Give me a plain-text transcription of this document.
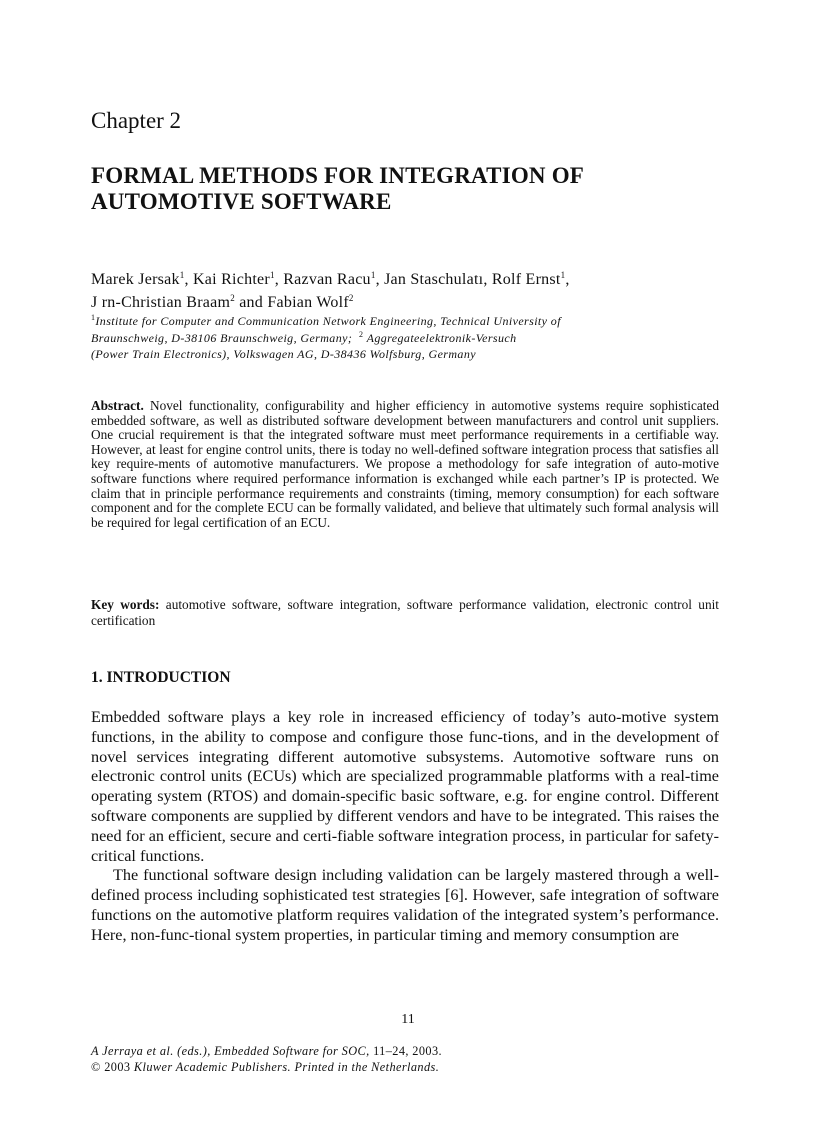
Chapter 2
FORMAL METHODS FOR INTEGRATION OF
AUTOMOTIVE SOFTWARE
Marek Jersak$^1$, Kai Richter$^1$, Razvan Racu$^1$, Jan Staschulatı, Rolf Ernst$^1$,
J rn-Christian Braam$^2$ and Fabian Wolf$^2$
$^1$Institute for Computer and Communication Network Engineering, Technical University of
Braunschweig, D-38106 Braunschweig, Germany; $^2$ Aggregateelektronik-Versuch
(Power Train Electronics), Volkswagen AG, D-38436 Wolfsburg, Germany
Abstract. Novel functionality, configurability and higher efficiency in automotive systems require sophisticated embedded software, as well as distributed software development between manufacturers and control unit suppliers. One crucial requirement is that the integrated software must meet performance requirements in a certifiable way. However, at least for engine control units, there is today no well-defined software integration process that satisfies all key require-ments of automotive manufacturers. We propose a methodology for safe integration of auto-motive software functions where required performance information is exchanged while each partner’s IP is protected. We claim that in principle performance requirements and constraints (timing, memory consumption) for each software component and for the complete ECU can be formally validated, and believe that ultimately such formal analysis will be required for legal certification of an ECU.
Key words: automotive software, software integration, software performance validation, electronic control unit certification
1. INTRODUCTION

Embedded software plays a key role in increased efficiency of today’s auto-motive system functions, in the ability to compose and configure those func-tions, and in the development of novel services integrating different automotive subsystems. Automotive software runs on electronic control units (ECUs) which are specialized programmable platforms with a real-time operating system (RTOS) and domain-specific basic software, e.g. for engine control. Different software components are supplied by different vendors and have to be integrated. This raises the need for an efficient, secure and certi-fiable software integration process, in particular for safety-critical functions.

The functional software design including validation can be largely mastered through a well-defined process including sophisticated test strategies [6]. However, safe integration of software functions on the automotive platform requires validation of the integrated system’s performance. Here, non-func-tional system properties, in particular timing and memory consumption are

11
A Jerraya et al. (eds.), Embedded Software for SOC, 11–24, 2003.
© 2003 Kluwer Academic Publishers. Printed in the Netherlands.
